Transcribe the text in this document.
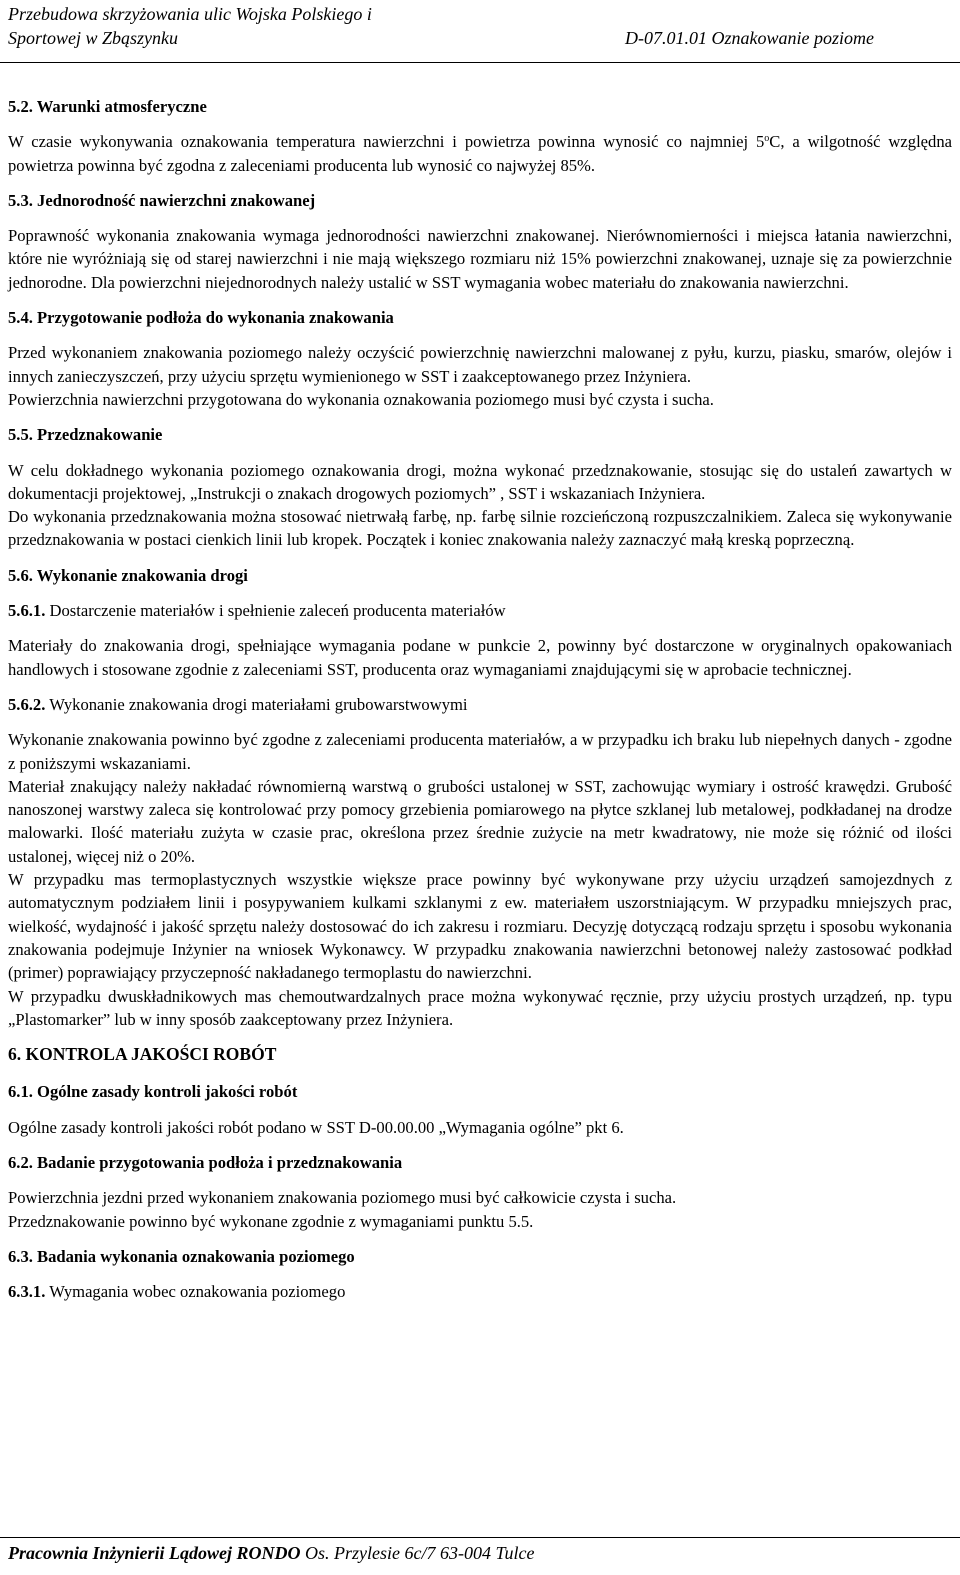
Przebudowa skrzyżowania ulic Wojska Polskiego i
Sportowej w Zbąszynku	D-07.01.01 Oznakowanie poziome
5.2. Warunki atmosferyczne

W czasie wykonywania oznakowania temperatura nawierzchni i powietrza powinna wynosić co najmniej 5$^o$C, a wilgotność względna powietrza powinna być zgodna z zaleceniami producenta lub wynosić co najwyżej 85%.

5.3. Jednorodność nawierzchni znakowanej

Poprawność wykonania znakowania wymaga jednorodności nawierzchni znakowanej. Nierównomierności i miejsca łatania nawierzchni, które nie wyróżniają się od starej nawierzchni i nie mają większego rozmiaru niż 15% powierzchni znakowanej, uznaje się za powierzchnie jednorodne. Dla powierzchni niejednorodnych należy ustalić w SST wymagania wobec materiału do znakowania nawierzchni.

5.4. Przygotowanie podłoża do wykonania znakowania

Przed wykonaniem znakowania poziomego należy oczyścić powierzchnię nawierzchni malowanej z pyłu, kurzu, piasku, smarów, olejów i innych zanieczyszczeń, przy użyciu sprzętu wymienionego w SST i zaakceptowanego przez Inżyniera.

Powierzchnia nawierzchni przygotowana do wykonania oznakowania poziomego musi być czysta i sucha.

5.5. Przedznakowanie

W celu dokładnego wykonania poziomego oznakowania drogi, można wykonać przedznakowanie, stosując się do ustaleń zawartych w dokumentacji projektowej, „Instrukcji o znakach drogowych poziomych” , SST i wskazaniach Inżyniera.

Do wykonania przedznakowania można stosować nietrwałą farbę, np. farbę silnie rozcieńczoną rozpuszczalnikiem. Zaleca się wykonywanie przedznakowania w postaci cienkich linii lub kropek. Początek i koniec znakowania należy zaznaczyć małą kreską poprzeczną.

5.6. Wykonanie znakowania drogi
5.6.1. Dostarczenie materiałów i spełnienie zaleceń producenta materiałów

Materiały do znakowania drogi, spełniające wymagania podane w punkcie 2, powinny być dostarczone w oryginalnych opakowaniach handlowych i stosowane zgodnie z zaleceniami SST, producenta oraz wymaganiami znajdującymi się w aprobacie technicznej.

5.6.2. Wykonanie znakowania drogi materiałami grubowarstwowymi

Wykonanie znakowania powinno być zgodne z zaleceniami producenta materiałów, a w przypadku ich braku lub niepełnych danych - zgodne z poniższymi wskazaniami.

Materiał znakujący należy nakładać równomierną warstwą o grubości ustalonej w SST, zachowując wymiary i ostrość krawędzi. Grubość nanoszonej warstwy zaleca się kontrolować przy pomocy grzebienia pomiarowego na płytce szklanej lub metalowej, podkładanej na drodze malowarki. Ilość materiału zużyta w czasie prac, określona przez średnie zużycie na metr kwadratowy, nie może się różnić od ilości ustalonej, więcej niż o 20%.

W przypadku mas termoplastycznych wszystkie większe prace powinny być wykonywane przy użyciu urządzeń samojezdnych z automatycznym podziałem linii i posypywaniem kulkami szklanymi z ew. materiałem uszorstniającym. W przypadku mniejszych prac, wielkość, wydajność i jakość sprzętu należy dostosować do ich zakresu i rozmiaru. Decyzję dotyczącą rodzaju sprzętu i sposobu wykonania znakowania podejmuje Inżynier na wniosek Wykonawcy. W przypadku znakowania nawierzchni betonowej należy zastosować podkład (primer) poprawiający przyczepność nakładanego termoplastu do nawierzchni.

W przypadku dwuskładnikowych mas chemoutwardzalnych prace można wykonywać ręcznie, przy użyciu prostych urządzeń, np. typu „Plastomarker” lub w inny sposób zaakceptowany przez Inżyniera.

6. KONTROLA JAKOŚCI ROBÓT
6.1. Ogólne zasady kontroli jakości robót

Ogólne zasady kontroli jakości robót podano w SST D-00.00.00 „Wymagania ogólne” pkt 6.

6.2. Badanie przygotowania podłoża i przedznakowania

Powierzchnia jezdni przed wykonaniem znakowania poziomego musi być całkowicie czysta i sucha.

Przedznakowanie powinno być wykonane zgodnie z wymaganiami punktu 5.5.

6.3. Badania wykonania oznakowania poziomego
6.3.1. Wymagania wobec oznakowania poziomego
Pracownia Inżynierii Lądowej RONDO Os. Przylesie 6c/7 63-004 Tulce
